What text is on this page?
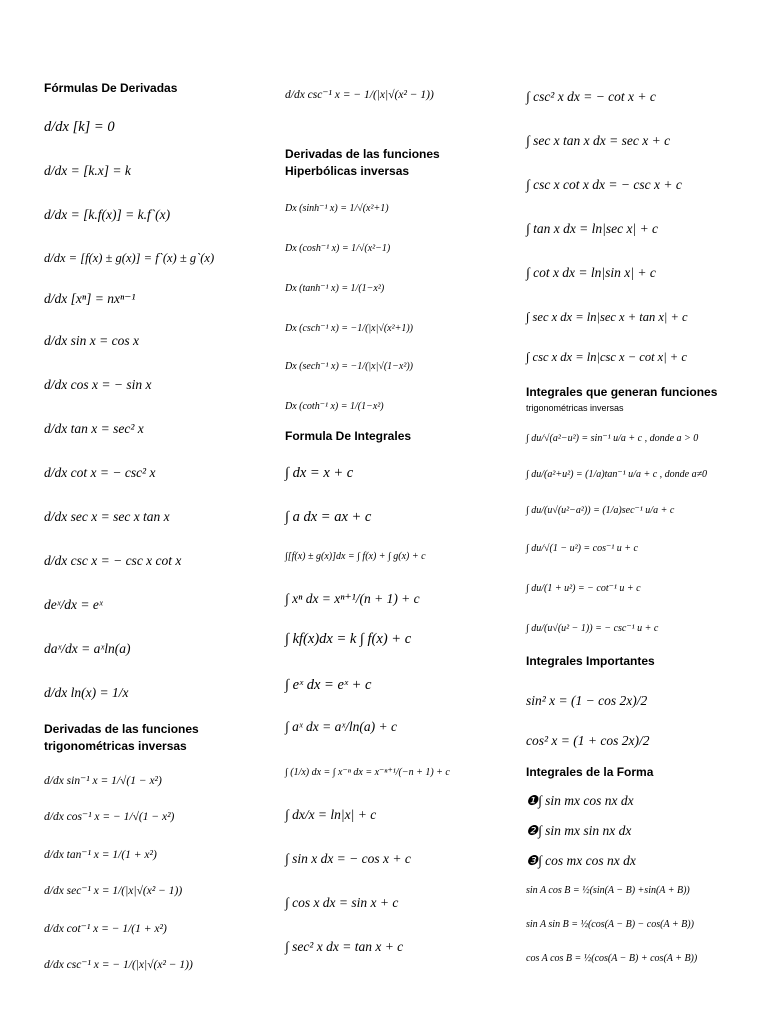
Fórmulas De Derivadas
d/dx [k] = 0
d/dx = [k.x] = k
d/dx = [k.f(x)] = k.f`(x)
d/dx = [f(x) ± g(x)] = f`(x) ± g`(x)
d/dx [xⁿ] = nxⁿ⁻¹
d/dx sin x = cos x
d/dx cos x = − sin x
d/dx tan x = sec² x
d/dx cot x = − csc² x
d/dx sec x = sec x tan x
d/dx csc x = − csc x cot x
deˣ/dx = eˣ
daˣ/dx = aˣln(a)
d/dx ln(x) = 1/x
Derivadas de las funciones trigonométricas inversas
d/dx sin⁻¹ x = 1/√(1 − x²)
d/dx cos⁻¹ x = − 1/√(1 − x²)
d/dx tan⁻¹ x = 1/(1 + x²)
d/dx sec⁻¹ x = 1/(|x|√(x² − 1))
d/dx cot⁻¹ x = − 1/(1 + x²)
d/dx csc⁻¹ x = − 1/(|x|√(x² − 1))
d/dx csc⁻¹ x = − 1/(|x|√(x² − 1))
Derivadas de las funciones Hiperbólicas inversas
Dx (sinh⁻¹ x) = 1/√(x²+1)
Dx (cosh⁻¹ x) = 1/√(x²−1)
Dx (tanh⁻¹ x) = 1/(1−x²)
Dx (csch⁻¹ x) = −1/(|x|√(x²+1))
Dx (sech⁻¹ x) = −1/(|x|√(1−x²))
Dx (coth⁻¹ x) = 1/(1−x²)
Formula De Integrales
∫ dx = x + c
∫ a dx = ax + c
∫[f(x) ± g(x)]dx = ∫ f(x) + ∫ g(x) + c
∫ xⁿ dx = xⁿ⁺¹/(n + 1) + c
∫ kf(x)dx = k ∫ f(x) + c
∫ eˣ dx = eˣ + c
∫ aˣ dx = aˣ/ln(a) + c
∫ (1/x) dx = ∫ x⁻ⁿ dx = x⁻ⁿ⁺¹/(−n + 1) + c
∫ dx/x = ln|x| + c
∫ sin x dx = − cos x + c
∫ cos x dx = sin x + c
∫ sec² x dx = tan x + c
∫ csc² x dx = − cot x + c
∫ sec x tan x dx = sec x + c
∫ csc x cot x dx = − csc x + c
∫ tan x dx = ln|sec x| + c
∫ cot x dx = ln|sin x| + c
∫ sec x dx = ln|sec x + tan x| + c
∫ csc x dx = ln|csc x − cot x| + c
Integrales que generan funciones
trigonométricas inversas
∫ du/√(a²−u²) = sin⁻¹ u/a + c , donde a > 0
∫ du/(a²+u²) = (1/a)tan⁻¹ u/a + c , donde a≠0
∫ du/(u√(u²−a²)) = (1/a)sec⁻¹ u/a + c
∫ du/√(1 − u²) = cos⁻¹ u + c
∫ du/(1 + u²) = − cot⁻¹ u + c
∫ du/(u√(u² − 1)) = − csc⁻¹ u + c
Integrales Importantes
sin² x = (1 − cos 2x)/2
cos² x = (1 + cos 2x)/2
Integrales de la Forma
❶∫ sin mx cos nx dx
❷∫ sin mx sin nx dx
❸∫ cos mx cos nx dx
sin A cos B = ½(sin(A − B) +sin(A + B))
sin A sin B = ½(cos(A − B) − cos(A + B))
cos A cos B = ½(cos(A − B) + cos(A + B))
